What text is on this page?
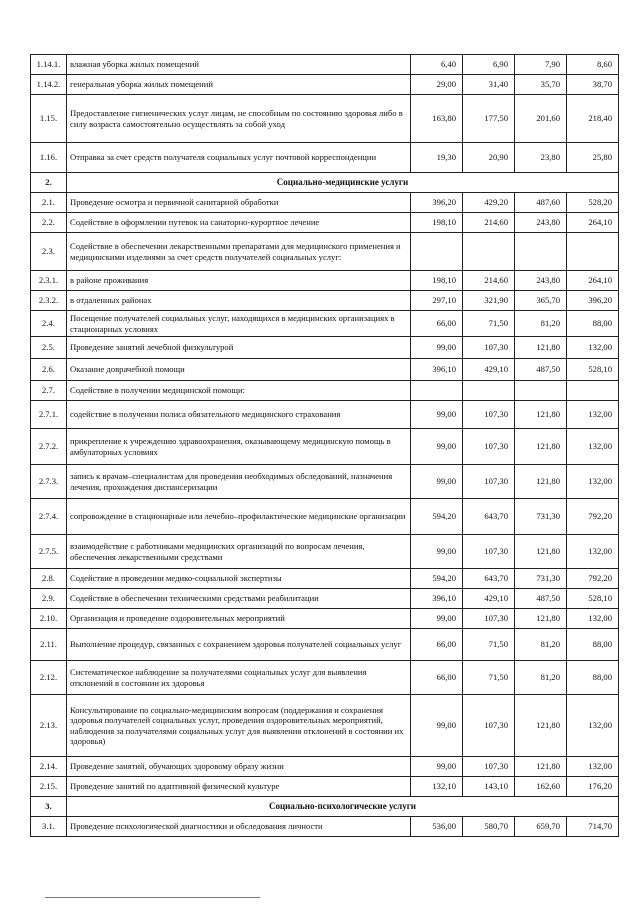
1.14.1.	влажная уборка жилых помещений	6,40	6,90	7,90	8,60
1.14.2.	генеральная уборка жилых помещений	29,00	31,40	35,70	38,70
1.15.	Предоставление гигиенических услуг лицам, не способным по состоянию здоровья либо в силу возраста самостоятельно осуществлять за собой уход	163,80	177,50	201,60	218,40
1.16.	Отправка за счет средств получателя социальных услуг почтовой корреспонденции	19,30	20,90	23,80	25,80
2.	Социально-медицинские услуги				
2.1.	Проведение осмотра и первичной санитарной обработки	396,20	429,20	487,60	528,20
2.2.	Содействие в оформлении путевок на санаторно-курортное лечение	198,10	214,60	243,80	264,10
2.3.	Содействие в обеспечении лекарственными препаратами для медицинского применения и медицинскими изделиями за счет средств получателей социальных услуг:				
2.3.1.	в районе проживания	198,10	214,60	243,80	264,10
2.3.2.	в отдаленных районах	297,10	321,90	365,70	396,20
2.4.	Посещение получателей социальных услуг, находящихся в медицинских организациях в стационарных условиях	66,00	71,50	81,20	88,00
2.5.	Проведение занятий лечебной физкультурой	99,00	107,30	121,80	132,00
2.6.	Оказание доврачебной помощи	396,10	429,10	487,50	528,10
2.7.	Содействие в получении медицинской помощи:				
2.7.1.	содействие в получении полиса обязательного медицинского страхования	99,00	107,30	121,80	132,00
2.7.2.	прикрепление к учреждению здравоохранения, оказывающему медицинскую помощь в амбулаторных условиях	99,00	107,30	121,80	132,00
2.7.3.	запись к врачам–специалистам для проведения необходимых обследований, назначения лечения, прохождения диспансеризации	99,00	107,30	121,80	132,00
2.7.4.	сопровождение в стационарные или лечебно–профилактические медицинские организации	594,20	643,70	731,30	792,20
2.7.5.	взаимодействие с работниками медицинских организаций по вопросам лечения, обеспечения лекарственными средствами	99,00	107,30	121,80	132,00
2.8.	Содействие в проведении медико-социальной экспертизы	594,20	643,70	731,30	792,20
2.9.	Содействие в обеспечении техническими средствами реабилитации	396,10	429,10	487,50	528,10
2.10.	Организация и проведение оздоровительных мероприятий	99,00	107,30	121,80	132,00
2.11.	Выполнение процедур, связанных с сохранением здоровья получателей социальных услуг	66,00	71,50	81,20	88,00
2.12.	Систематическое наблюдение за получателями социальных услуг для выявления отклонений в состоянии их здоровья	66,00	71,50	81,20	88,00
2.13.	Консультирование по социально-медицинским вопросам (поддержания и сохранения здоровья получателей социальных услуг, проведения оздоровительных мероприятий, наблюдения за получателями социальных услуг для выявления отклонений в состоянии их здоровья)	99,00	107,30	121,80	132,00
2.14.	Проведение занятий, обучающих здоровому образу жизни	99,00	107,30	121,80	132,00
2.15.	Проведение занятий по адаптивной физической культуре	132,10	143,10	162,60	176,20
3.	Социально-психологические услуги				
3.1.	Проведение психологической диагностики и обследования личности	536,00	580,70	659,70	714,70
